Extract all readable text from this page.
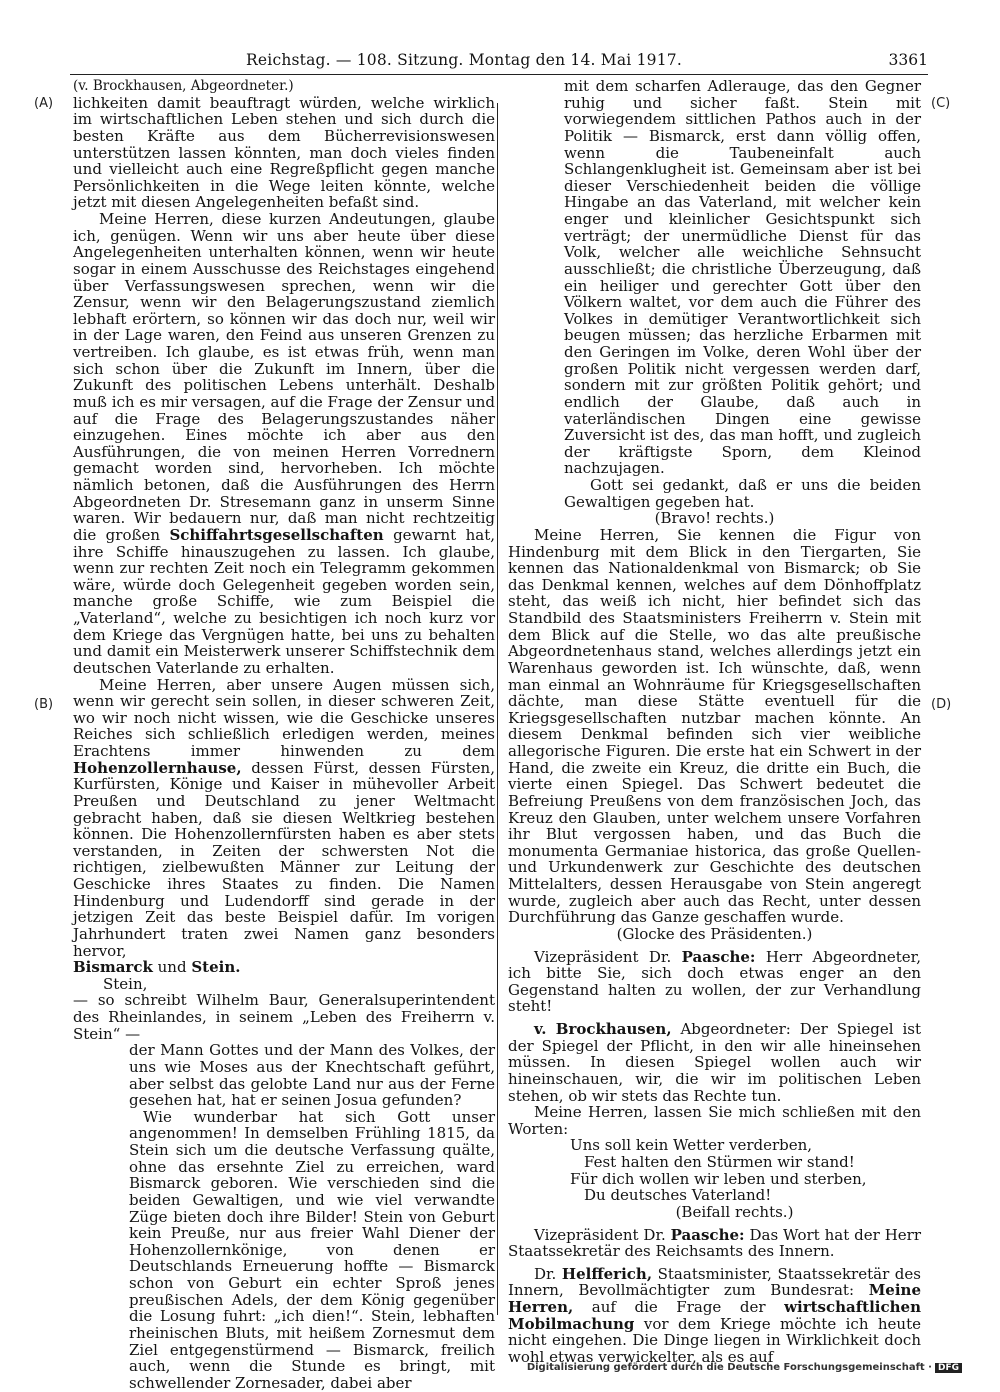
Reichstag. — 108. Sitzung. Montag den 14. Mai 1917.	3361
(A)
(B)
(C)
(D)

(v. Brockhausen, Abgeordneter.)

lichkeiten damit beauftragt würden, welche wirklich im wirtschaftlichen Leben stehen und sich durch die besten Kräfte aus dem Bücherrevisionswesen unterstützen lassen könnten, man doch vieles finden und vielleicht auch eine Regreßpflicht gegen manche Persönlichkeiten in die Wege leiten könnte, welche jetzt mit diesen Angelegenheiten befaßt sind.

Meine Herren, diese kurzen Andeutungen, glaube ich, genügen. Wenn wir uns aber heute über diese Angelegenheiten unterhalten können, wenn wir heute sogar in einem Ausschusse des Reichstages eingehend über Verfassungswesen sprechen, wenn wir die Zensur, wenn wir den Belagerungszustand ziemlich lebhaft erörtern, so können wir das doch nur, weil wir in der Lage waren, den Feind aus unseren Grenzen zu vertreiben. Ich glaube, es ist etwas früh, wenn man sich schon über die Zukunft im Innern, über die Zukunft des politischen Lebens unterhält. Deshalb muß ich es mir versagen, auf die Frage der Zensur und auf die Frage des Belagerungszustandes näher einzugehen. Eines möchte ich aber aus den Ausführungen, die von meinen Herren Vorrednern gemacht worden sind, hervorheben. Ich möchte nämlich betonen, daß die Ausführungen des Herrn Abgeordneten Dr. Stresemann ganz in unserm Sinne waren. Wir bedauern nur, daß man nicht rechtzeitig die großen Schiffahrtsgesellschaften gewarnt hat, ihre Schiffe hinauszugehen zu lassen. Ich glaube, wenn zur rechten Zeit noch ein Telegramm gekommen wäre, würde doch Gelegenheit gegeben worden sein, manche große Schiffe, wie zum Beispiel die „Vaterland“, welche zu besichtigen ich noch kurz vor dem Kriege das Vergnügen hatte, bei uns zu behalten und damit ein Meisterwerk unserer Schiffstechnik dem deutschen Vaterlande zu erhalten.

Meine Herren, aber unsere Augen müssen sich, wenn wir gerecht sein sollen, in dieser schweren Zeit, wo wir noch nicht wissen, wie die Geschicke unseres Reiches sich schließlich erledigen werden, meines Erachtens immer hinwenden zu dem Hohenzollernhause, dessen Fürst, dessen Fürsten, Kurfürsten, Könige und Kaiser in mühevoller Arbeit Preußen und Deutschland zu jener Weltmacht gebracht haben, daß sie diesen Weltkrieg bestehen können. Die Hohenzollernfürsten haben es aber stets verstanden, in Zeiten der schwersten Not die richtigen, zielbewußten Männer zur Leitung der Geschicke ihres Staates zu finden. Die Namen Hindenburg und Ludendorff sind gerade in der jetzigen Zeit das beste Beispiel dafür. Im vorigen Jahrhundert traten zwei Namen ganz besonders hervor,
Bismarck und Stein.

Stein,

— so schreibt Wilhelm Baur, Generalsuperintendent des Rheinlandes, in seinem „Leben des Freiherrn v. Stein“ —

der Mann Gottes und der Mann des Volkes, der uns wie Moses aus der Knechtschaft geführt, aber selbst das gelobte Land nur aus der Ferne gesehen hat, hat er seinen Josua gefunden?

Wie wunderbar hat sich Gott unser angenommen! In demselben Frühling 1815, da Stein sich um die deutsche Verfassung quälte, ohne das ersehnte Ziel zu erreichen, ward Bismarck geboren. Wie verschieden sind die beiden Gewaltigen, und wie viel verwandte Züge bieten doch ihre Bilder! Stein von Geburt kein Preuße, nur aus freier Wahl Diener der Hohenzollernkönige, von denen er Deutschlands Erneuerung hoffte — Bismarck schon von Geburt ein echter Sproß jenes preußischen Adels, der dem König gegenüber die Losung fuhrt: „ich dien!“. Stein, lebhaften rheinischen Bluts, mit heißem Zornesmut dem Ziel entgegenstürmend — Bismarck, freilich auch, wenn die Stunde es bringt, mit schwellender Zornesader, dabei aber

mit dem scharfen Adlerauge, das den Gegner ruhig und sicher faßt. Stein mit vorwiegendem sittlichen Pathos auch in der Politik — Bismarck, erst dann völlig offen, wenn die Taubeneinfalt auch Schlangenklugheit ist. Gemeinsam aber ist bei dieser Verschiedenheit beiden die völlige Hingabe an das Vaterland, mit welcher kein enger und kleinlicher Gesichtspunkt sich verträgt; der unermüdliche Dienst für das Volk, welcher alle weichliche Sehnsucht ausschließt; die christliche Überzeugung, daß ein heiliger und gerechter Gott über den Völkern waltet, vor dem auch die Führer des Volkes in demütiger Verantwortlichkeit sich beugen müssen; das herzliche Erbarmen mit den Geringen im Volke, deren Wohl über der großen Politik nicht vergessen werden darf, sondern mit zur größten Politik gehört; und endlich der Glaube, daß auch in vaterländischen Dingen eine gewisse Zuversicht ist des, das man hofft, und zugleich der kräftigste Sporn, dem Kleinod nachzujagen.

Gott sei gedankt, daß er uns die beiden Gewaltigen gegeben hat.

(Bravo! rechts.)

Meine Herren, Sie kennen die Figur von Hindenburg mit dem Blick in den Tiergarten, Sie kennen das Nationaldenkmal von Bismarck; ob Sie das Denkmal kennen, welches auf dem Dönhoffplatz steht, das weiß ich nicht, hier befindet sich das Standbild des Staatsministers Freiherrn v. Stein mit dem Blick auf die Stelle, wo das alte preußische Abgeordnetenhaus stand, welches allerdings jetzt ein Warenhaus geworden ist. Ich wünschte, daß, wenn man einmal an Wohnräume für Kriegsgesellschaften dächte, man diese Stätte eventuell für die Kriegsgesellschaften nutzbar machen könnte. An diesem Denkmal befinden sich vier weibliche allegorische Figuren. Die erste hat ein Schwert in der Hand, die zweite ein Kreuz, die dritte ein Buch, die vierte einen Spiegel. Das Schwert bedeutet die Befreiung Preußens von dem französischen Joch, das Kreuz den Glauben, unter welchem unsere Vorfahren ihr Blut vergossen haben, und das Buch die monumenta Germaniae historica, das große Quellen- und Urkundenwerk zur Geschichte des deutschen Mittelalters, dessen Herausgabe von Stein angeregt wurde, zugleich aber auch das Recht, unter dessen Durchführung das Ganze geschaffen wurde.

(Glocke des Präsidenten.)

Vizepräsident Dr. Paasche: Herr Abgeordneter, ich bitte Sie, sich doch etwas enger an den Gegenstand halten zu wollen, der zur Verhandlung steht!

v. Brockhausen, Abgeordneter: Der Spiegel ist der Spiegel der Pflicht, in den wir alle hineinsehen müssen. In diesen Spiegel wollen auch wir hineinschauen, wir, die wir im politischen Leben stehen, ob wir stets das Rechte tun.

Meine Herren, lassen Sie mich schließen mit den Worten:

Uns soll kein Wetter verderben,
Fest halten den Stürmen wir stand!
Für dich wollen wir leben und sterben,
Du deutsches Vaterland!

(Beifall rechts.)

Vizepräsident Dr. Paasche: Das Wort hat der Herr Staatssekretär des Reichsamts des Innern.

Dr. Helfferich, Staatsminister, Staatssekretär des Innern, Bevollmächtigter zum Bundesrat: Meine Herren, auf die Frage der wirtschaftlichen Mobilmachung vor dem Kriege möchte ich heute nicht eingehen. Die Dinge liegen in Wirklichkeit doch wohl etwas verwickelter, als es auf

Digitalisierung gefördert durch die Deutsche Forschungsgemeinschaft · DFG
